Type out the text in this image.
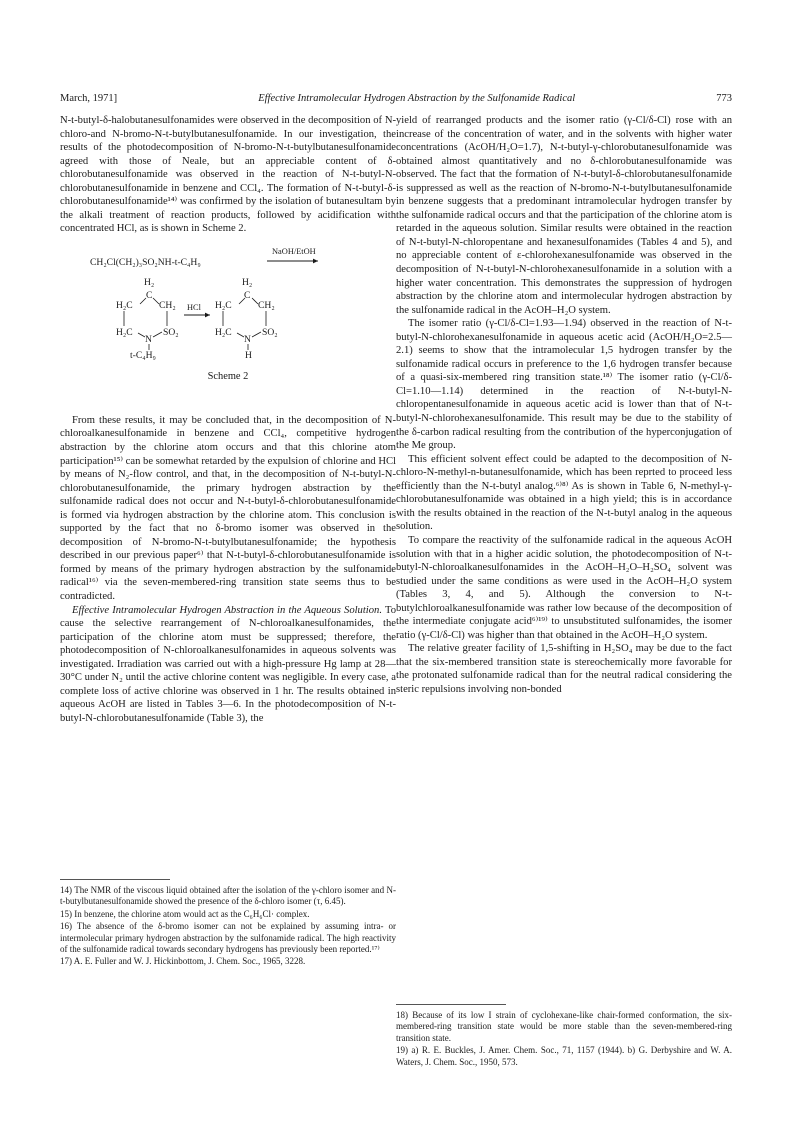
March, 1971]	Effective Intramolecular Hydrogen Abstraction by the Sulfonamide Radical	773

N-t-butyl-δ-halobutanesulfonamides were observed in the decomposition of N-chloro-and N-bromo-N-t-butylbutanesulfonamide. In our investigation, the results of the photodecomposition of N-bromo-N-t-butylbutanesulfonamide agreed with those of Neale, but an appreciable content of δ-chlorobutanesulfonamide was observed in the reaction of N-t-butyl-N-chlorobutanesulfonamide in benzene and CCl₄. The formation of N-t-butyl-δ-chlorobutanesulfonamide¹⁴⁾ was confirmed by the isolation of butanesultam by the alkali treatment of reaction products, followed by acidification with concentrated HCl, as is shown in Scheme 2.

CH₂Cl(CH₂)₃SO₂NH-t-C₄H₉
NaOH/EtOH
H₂
C
H₂C	CH₂
H₂C	SO₂
N
t-C₄H₉
HCl
H₂
C
H₂C	CH₂
H₂C	SO₂
N
H
Scheme 2

From these results, it may be concluded that, in the decomposition of N-chloroalkanesulfonamide in benzene and CCl₄, competitive hydrogen abstraction by the chlorine atom occurs and that this chlorine atom participation¹⁵⁾ can be somewhat retarded by the expulsion of chlorine and HCl by means of N₂-flow control, and that, in the decomposition of N-t-butyl-N-chlorobutanesulfonamide, the primary hydrogen abstraction by the sulfonamide radical does not occur and N-t-butyl-δ-chlorobutanesulfonamide is formed via hydrogen abstraction by the chlorine atom. This conclusion is supported by the fact that no δ-bromo isomer was observed in the decomposition of N-bromo-N-t-butylbutanesulfonamide; the hypothesis described in our previous paper⁶⁾ that N-t-butyl-δ-chlorobutanesulfonamide is formed by means of the primary hydrogen abstraction by the sulfonamide radical¹⁶⁾ via the seven-membered-ring transition state seems thus to be contradicted.

Effective Intramolecular Hydrogen Abstraction in the Aqueous Solution. To cause the selective rearrangement of N-chloroalkanesulfonamides, the participation of the chlorine atom must be suppressed; therefore, the photodecomposition of N-chloroalkanesulfonamides in aqueous solvents was investigated. Irradiation was carried out with a high-pressure Hg lamp at 28—30°C under N₂ until the active chlorine content was negligible. In every case, a complete loss of active chlorine was observed in 1 hr. The results obtained in aqueous AcOH are listed in Tables 3—6. In the photodecomposition of N-t-butyl-N-chlorobutanesulfonamide (Table 3), the

yield of rearranged products and the isomer ratio (γ-Cl/δ-Cl) rose with an increase of the concentration of water, and in the solvents with higher water concentrations (AcOH/H₂O=1.7), N-t-butyl-γ-chlorobutanesulfonamide was obtained almost quantitatively and no δ-chlorobutanesulfonamide was observed. The fact that the formation of N-t-butyl-δ-chlorobutanesulfonamide is suppressed as well as the reaction of N-bromo-N-t-butylbutanesulfonamide in benzene suggests that a predominant intramolecular hydrogen transfer by the sulfonamide radical occurs and that the participation of the chlorine atom is retarded in the aqueous solution. Similar results were obtained in the reaction of N-t-butyl-N-chloropentane and hexanesulfonamides (Tables 4 and 5), and no appreciable content of ε-chlorohexanesulfonamide was observed in the decomposition of N-t-butyl-N-chlorohexanesulfonamide in a solution with a higher water concentration. This demonstrates the suppression of hydrogen abstraction by the chlorine atom and intermolecular hydrogen abstraction by the sulfonamide radical in the AcOH–H₂O system.

The isomer ratio (γ-Cl/δ-Cl=1.93—1.94) observed in the reaction of N-t-butyl-N-chlorohexanesulfonamide in aqueous acetic acid (AcOH/H₂O=2.5—2.1) seems to show that the intramolecular 1,5 hydrogen transfer by the sulfonamide radical occurs in preference to the 1,6 hydrogen transfer because of a quasi-six-membered ring transition state.¹⁸⁾ The isomer ratio (γ-Cl/δ-Cl=1.10—1.14) determined in the reaction of N-t-butyl-N-chloropentanesulfonamide in aqueous acetic acid is lower than that of N-t-butyl-N-chlorohexanesulfonamide. This result may be due to the stability of the δ-carbon radical resulting from the contribution of the hyperconjugation of the Me group.

This efficient solvent effect could be adapted to the decomposition of N-chloro-N-methyl-n-butanesulfonamide, which has been reprted to proceed less efficiently than the N-t-butyl analog.⁶⁾⁸⁾ As is shown in Table 6, N-methyl-γ-chlorobutanesulfonamide was obtained in a high yield; this is in accordance with the results obtained in the reaction of the N-t-butyl analog in the aqueous solution.

To compare the reactivity of the sulfonamide radical in the aqueous AcOH solution with that in a higher acidic solution, the photodecomposition of N-t-butyl-N-chloroalkanesulfonamides in the AcOH–H₂O–H₂SO₄ solvent was studied under the same conditions as were used in the AcOH–H₂O system (Tables 3, 4, and 5). Although the conversion to N-t-butylchloroalkanesulfonamide was rather low because of the decomposition of the intermediate conjugate acid⁶⁾¹⁹⁾ to unsubstituted sulfonamides, the isomer ratio (γ-Cl/δ-Cl) was higher than that obtained in the AcOH–H₂O system.

The relative greater facility of 1,5-shifting in H₂SO₄ may be due to the fact that the six-membered transition state is stereochemically more favorable for the protonated sulfonamide radical than for the neutral radical considering the steric repulsions involving non-bonded

14) The NMR of the viscous liquid obtained after the isolation of the γ-chloro isomer and N-t-butylbutanesulfonamide showed the presence of the δ-chloro isomer (τ, 6.45).

15) In benzene, the chlorine atom would act as the C₆H₆Cl· complex.

16) The absence of the δ-bromo isomer can not be explained by assuming intra- or intermolecular primary hydrogen abstraction by the sulfonamide radical. The high reactivity of the sulfonamide radical towards secondary hydrogens has previously been reported.¹⁷⁾

17) A. E. Fuller and W. J. Hickinbottom, J. Chem. Soc., 1965, 3228.

18) Because of its low I strain of cyclohexane-like chair-formed conformation, the six-membered-ring transition state would be more stable than the seven-membered-ring transition state.

19) a) R. E. Buckles, J. Amer. Chem. Soc., 71, 1157 (1944). b) G. Derbyshire and W. A. Waters, J. Chem. Soc., 1950, 573.
